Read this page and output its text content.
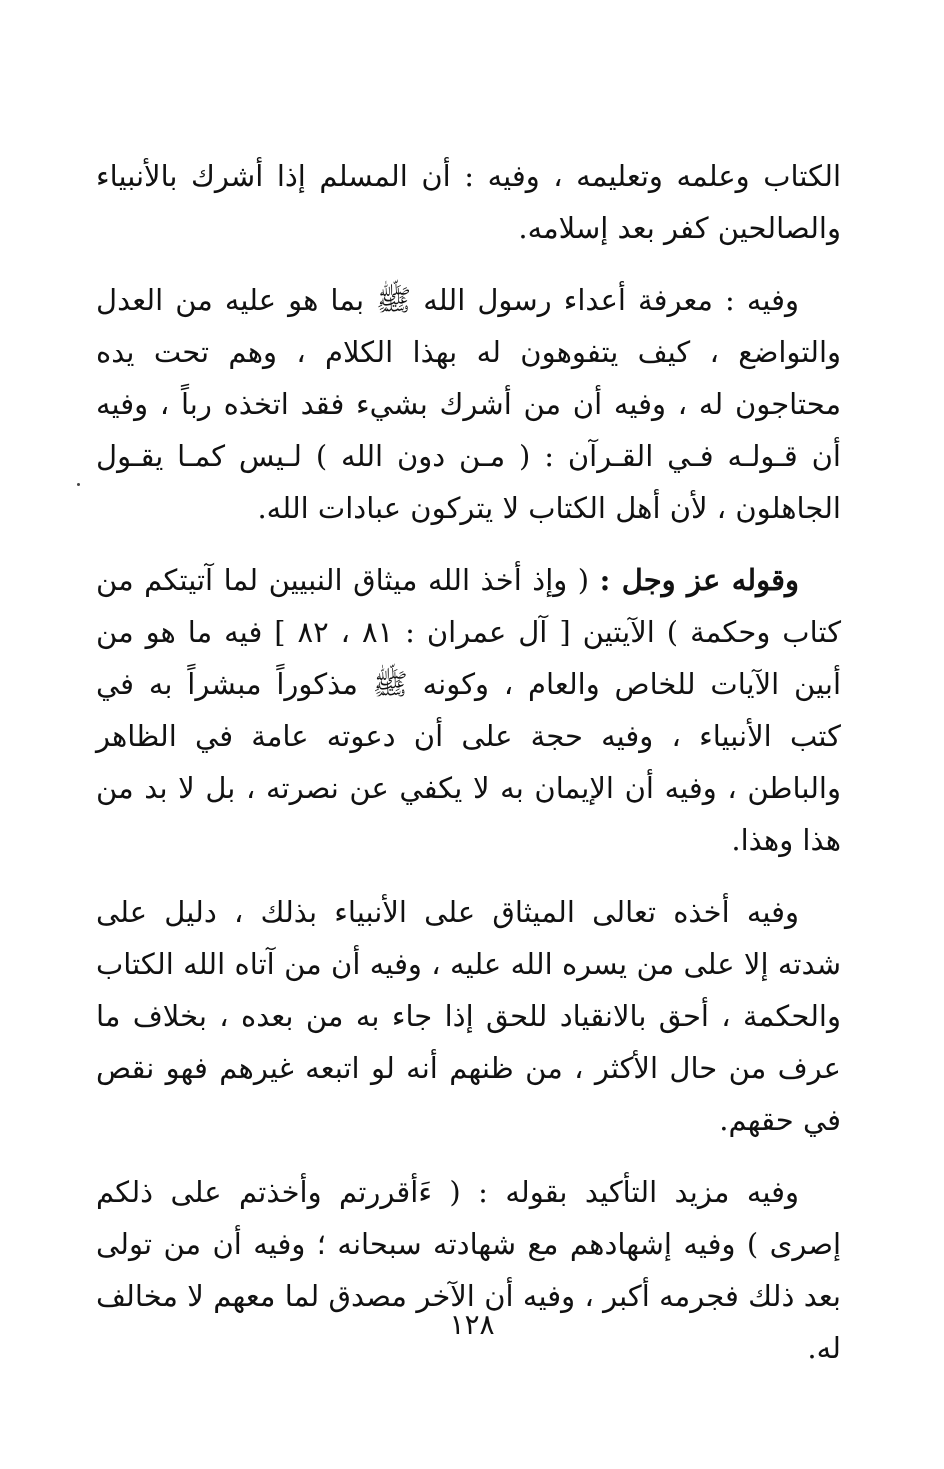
الكتاب وعلمه وتعليمه ، وفيه : أن المسلم إذا أشرك بالأنبياء والصالحين كفر بعد إسلامه.

وفيه : معرفة أعداء رسول الله ﷺ بما هو عليه من العدل والتواضع ، كيف يتفوهون له بهذا الكلام ، وهم تحت يده محتاجون له ، وفيه أن من أشرك بشيء فقد اتخذه رباً ، وفيه أن قـولـه فـي القـرآن : ( مـن دون الله ) لـيس كمـا يقـول الجاهلون ، لأن أهل الكتاب لا يتركون عبادات الله.

وقوله عز وجل : ( وإذ أخذ الله ميثاق النبيين لما آتيتكم من كتاب وحكمة ) الآيتين [ آل عمران : ٨١ ، ٨٢ ] فيه ما هو من أبين الآيات للخاص والعام ، وكونه ﷺ مذكوراً مبشراً به في كتب الأنبياء ، وفيه حجة على أن دعوته عامة في الظاهر والباطن ، وفيه أن الإيمان به لا يكفي عن نصرته ، بل لا بد من هذا وهذا.

وفيه أخذه تعالى الميثاق على الأنبياء بذلك ، دليل على شدته إلا على من يسره الله عليه ، وفيه أن من آتاه الله الكتاب والحكمة ، أحق بالانقياد للحق إذا جاء به من بعده ، بخلاف ما عرف من حال الأكثر ، من ظنهم أنه لو اتبعه غيرهم فهو نقص في حقهم.

وفيه مزيد التأكيد بقوله : ( ءَأقررتم وأخذتم على ذلكم إصرى ) وفيه إشهادهم مع شهادته سبحانه ؛ وفيه أن من تولى بعد ذلك فجرمه أكبر ، وفيه أن الآخر مصدق لما معهم لا مخالف له.

١٢٨
